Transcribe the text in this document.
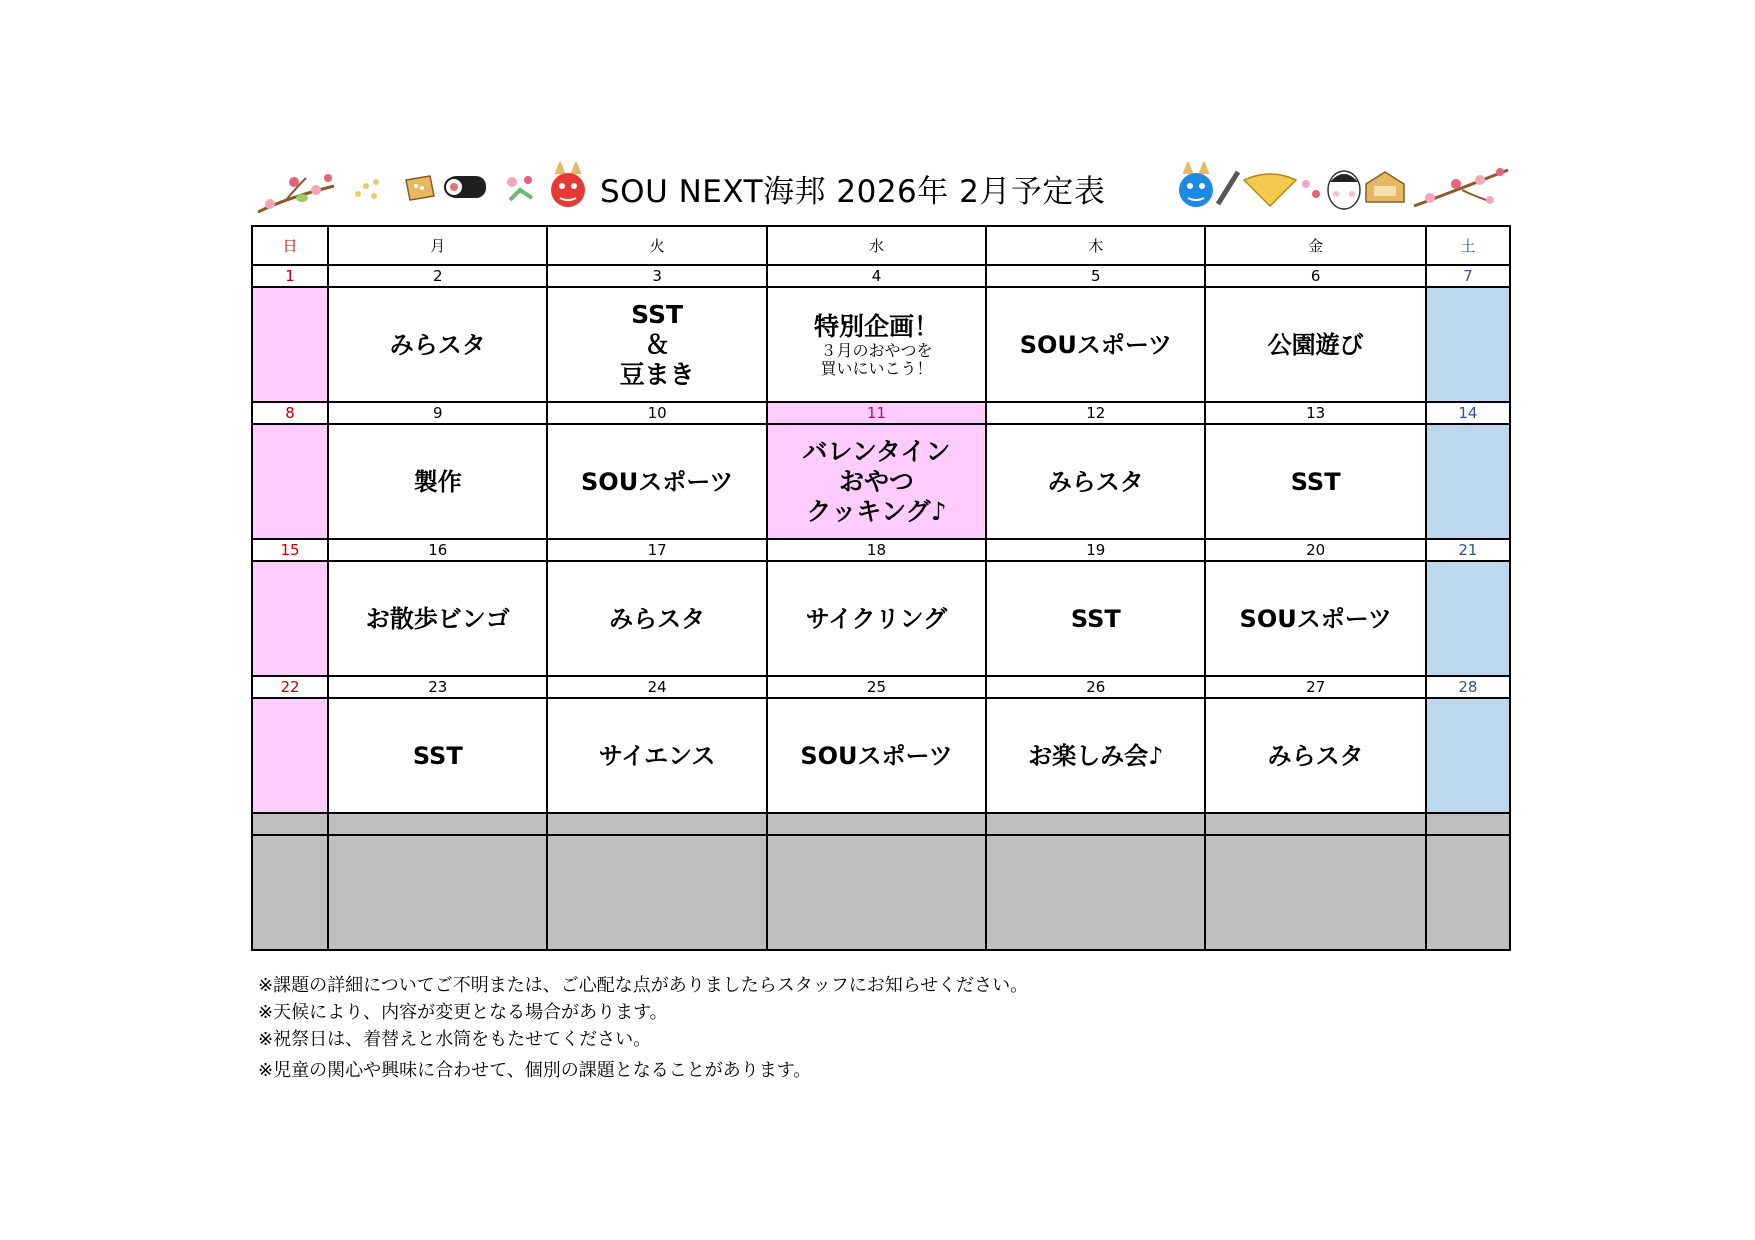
SOU NEXT海邦 2026年 2月予定表
日	月	火	水	木	金	土
1	2	3	4	5	6	7
	みらスタ	SST
＆
豆まき	特別企画！
３月のおやつを
買いにいこう！	SOUスポーツ	公園遊び	
8	9	10	11	12	13	14
	製作	SOUスポーツ	バレンタイン
おやつ
クッキング♪	みらスタ	SST	
15	16	17	18	19	20	21
	お散歩ビンゴ	みらスタ	サイクリング	SST	SOUスポーツ	
22	23	24	25	26	27	28
	SST	サイエンス	SOUスポーツ	お楽しみ会♪	みらスタ	

※課題の詳細についてご不明または、ご心配な点がありましたらスタッフにお知らせください。
※天候により、内容が変更となる場合があります。
※祝祭日は、着替えと水筒をもたせてください。
※児童の関心や興味に合わせて、個別の課題となることがあります。
